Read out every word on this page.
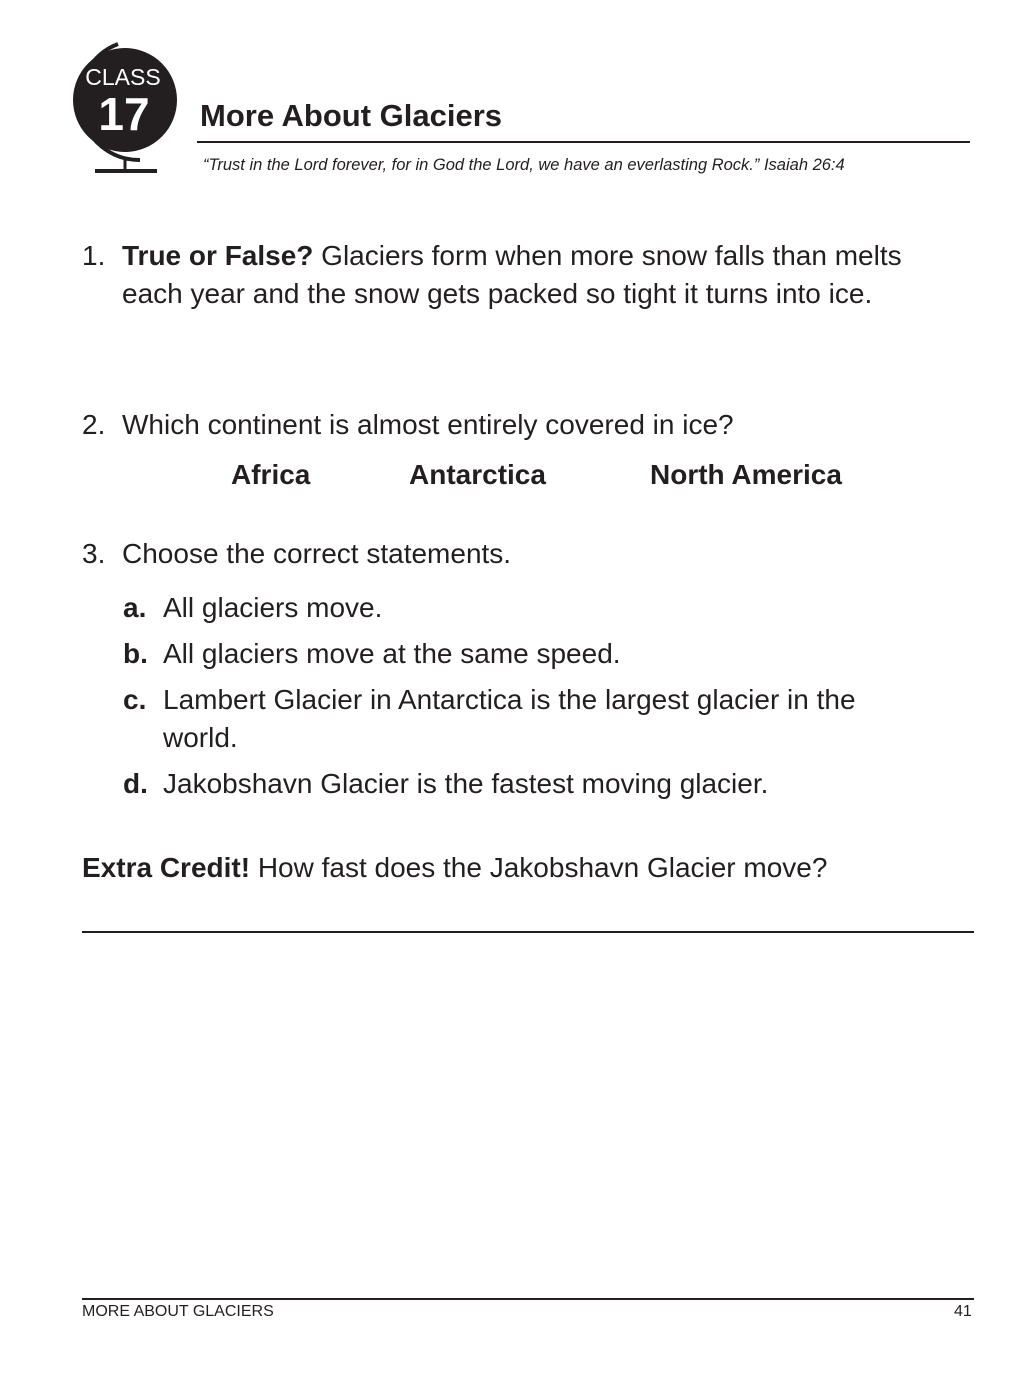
CLASS
17 More About Glaciers
“Trust in the Lord forever, for in God the Lord, we have an everlasting Rock.” Isaiah 26:4
1. True or False? Glaciers form when more snow falls than melts each year and the snow gets packed so tight it turns into ice.
2. Which continent is almost entirely covered in ice?
Africa	Antarctica	North America
3. Choose the correct statements.
a. All glaciers move.
b. All glaciers move at the same speed.
c. Lambert Glacier in Antarctica is the largest glacier in the world.
d. Jakobshavn Glacier is the fastest moving glacier.
Extra Credit! How fast does the Jakobshavn Glacier move?
MORE ABOUT GLACIERS	41
